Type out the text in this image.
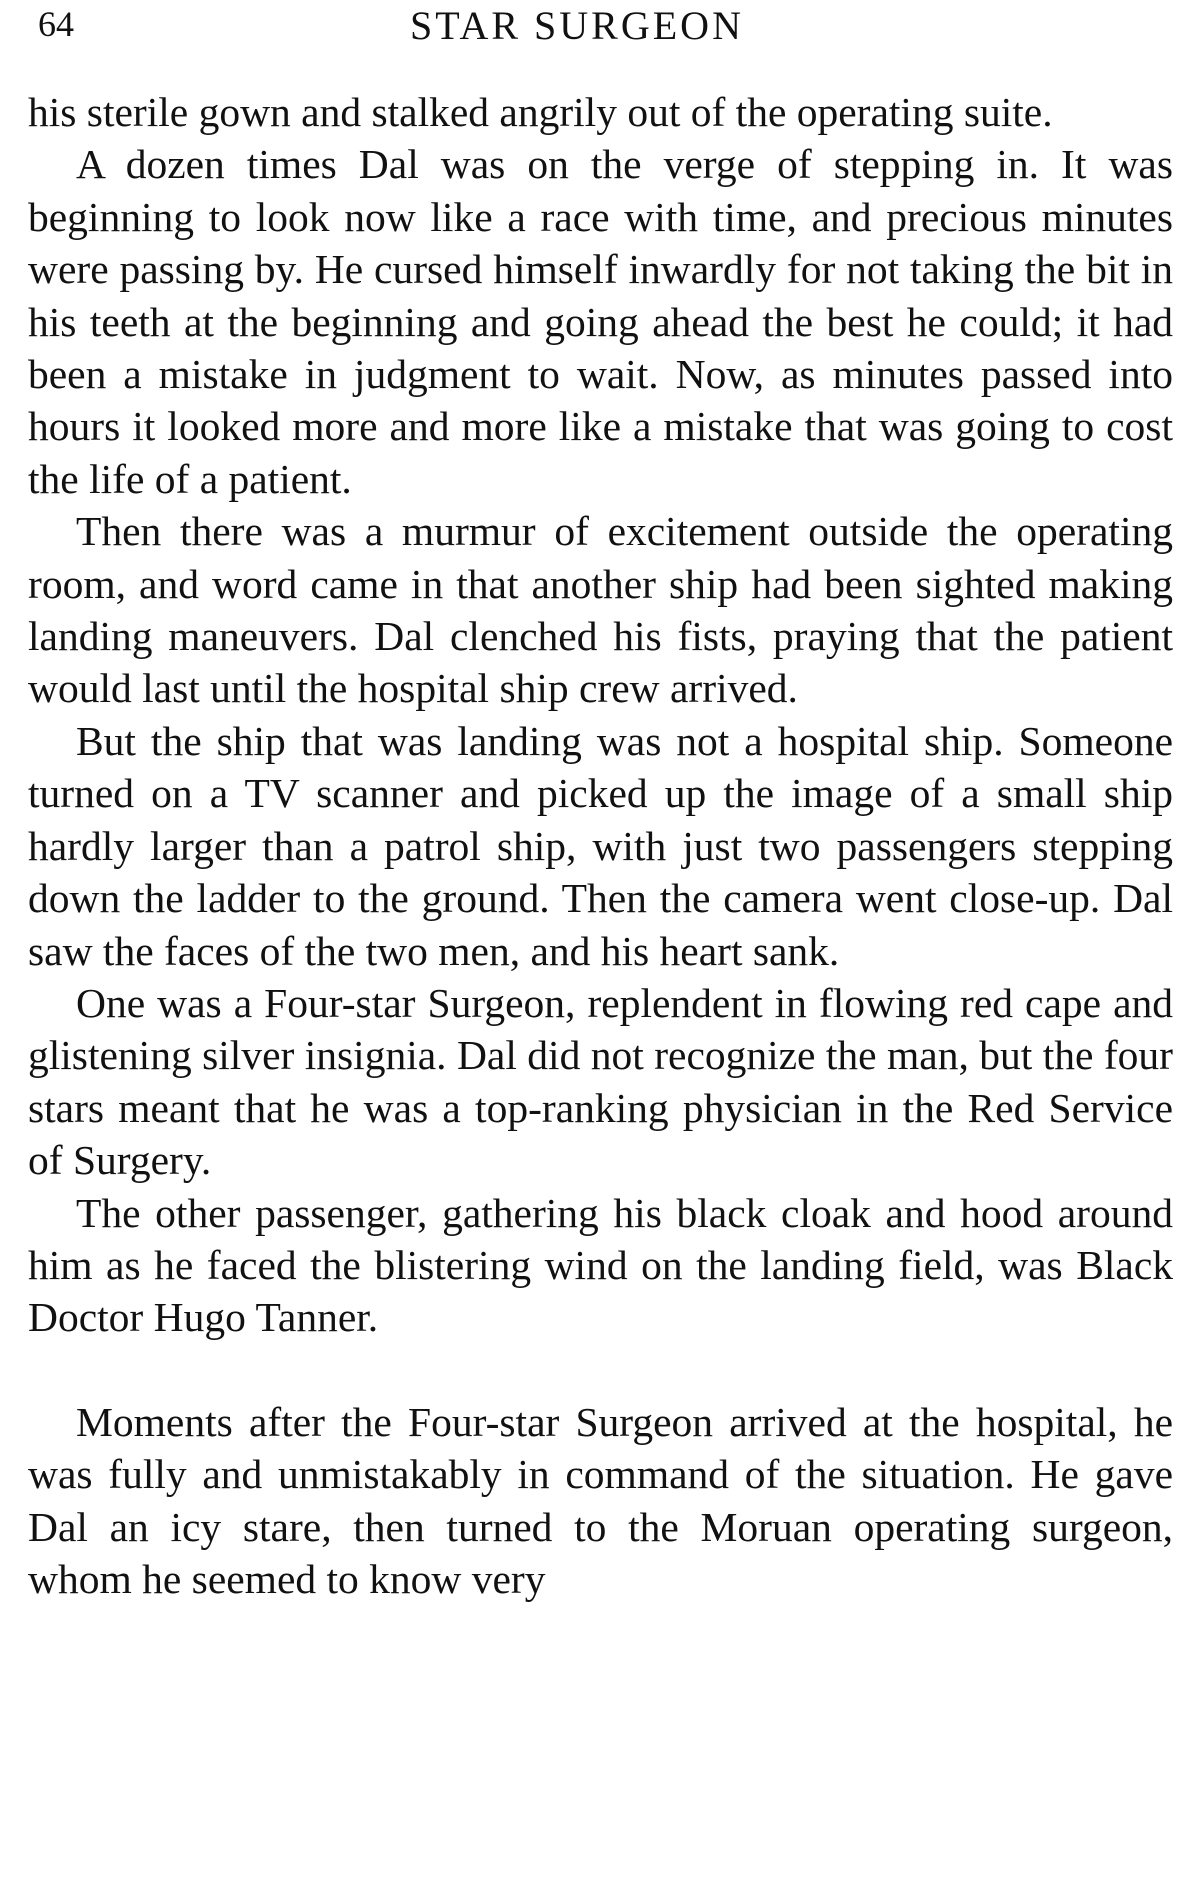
64	STAR SURGEON

his sterile gown and stalked angrily out of the operating suite.

A dozen times Dal was on the verge of stepping in. It was beginning to look now like a race with time, and precious minutes were passing by. He cursed himself inwardly for not taking the bit in his teeth at the beginning and going ahead the best he could; it had been a mistake in judgment to wait. Now, as minutes passed into hours it looked more and more like a mistake that was going to cost the life of a patient.

Then there was a murmur of excitement outside the operating room, and word came in that another ship had been sighted making landing maneuvers. Dal clenched his fists, praying that the patient would last until the hospital ship crew arrived.

But the ship that was landing was not a hospital ship. Someone turned on a TV scanner and picked up the image of a small ship hardly larger than a patrol ship, with just two passengers stepping down the ladder to the ground. Then the camera went close-up. Dal saw the faces of the two men, and his heart sank.

One was a Four-star Surgeon, replendent in flowing red cape and glistening silver insignia. Dal did not recognize the man, but the four stars meant that he was a top-ranking physician in the Red Service of Surgery.

The other passenger, gathering his black cloak and hood around him as he faced the blistering wind on the landing field, was Black Doctor Hugo Tanner.

Moments after the Four-star Surgeon arrived at the hospital, he was fully and unmistakably in command of the situation. He gave Dal an icy stare, then turned to the Moruan operating surgeon, whom he seemed to know very
